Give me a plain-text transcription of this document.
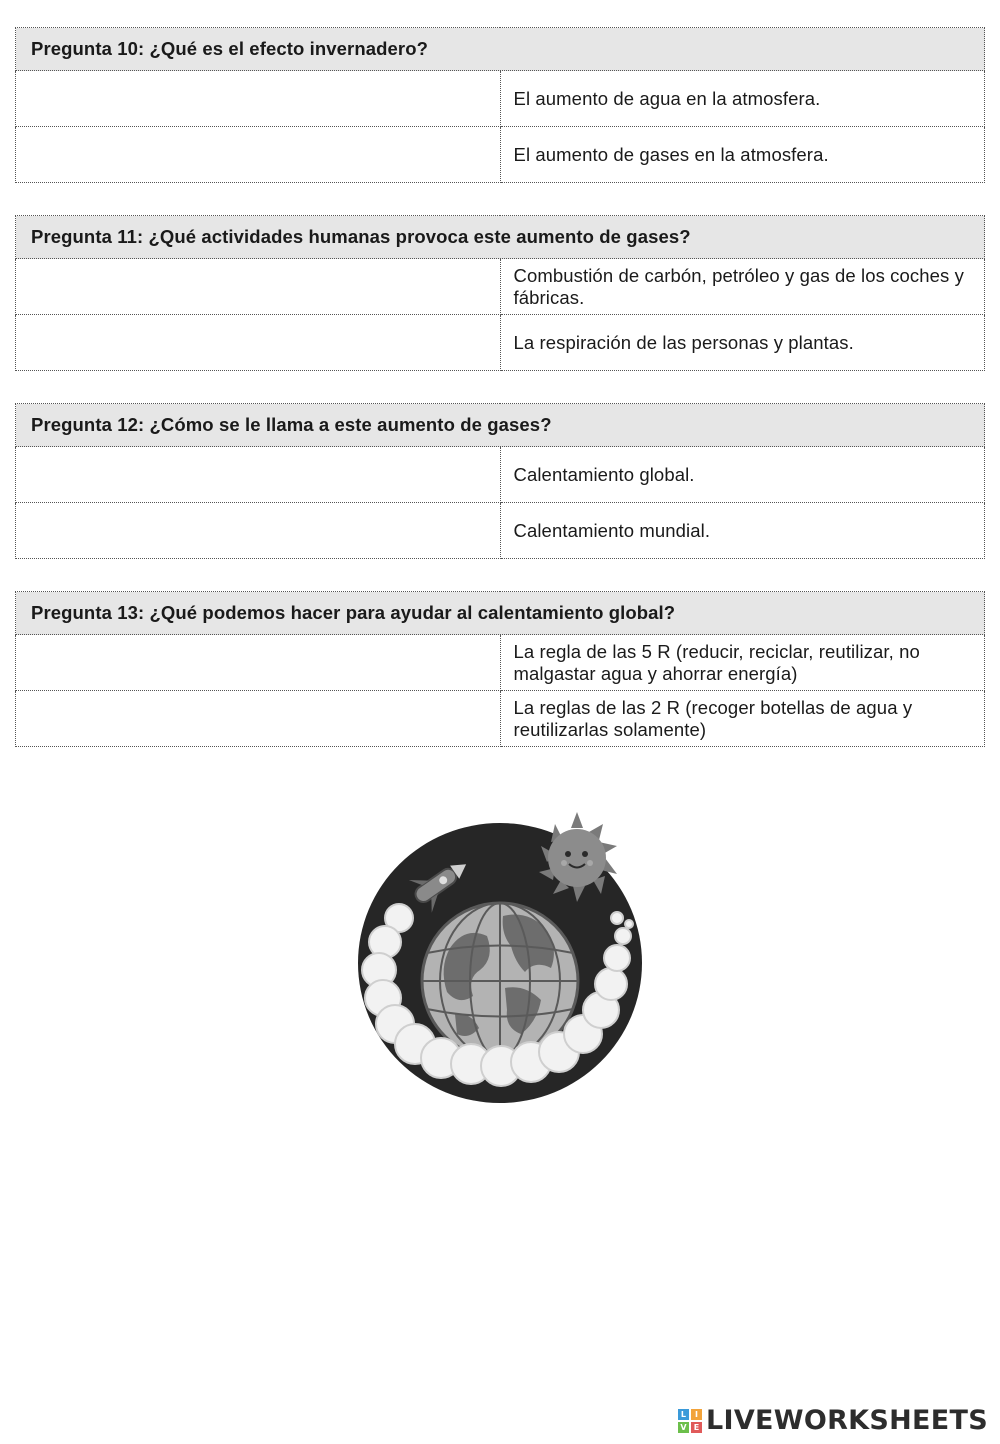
Pregunta 10: ¿Qué es el efecto invernadero?	
	El aumento de agua en la atmosfera.
	El aumento de gases en la atmosfera.
Pregunta 11: ¿Qué actividades humanas provoca este aumento de gases?	
	Combustión de carbón, petróleo y gas de los coches y fábricas.
	La respiración de las personas y plantas.
Pregunta 12: ¿Cómo se le llama a este aumento de gases?	
	Calentamiento global.
	Calentamiento mundial.
Pregunta 13: ¿Qué podemos hacer para ayudar al calentamiento global?	
	La regla de las 5 R (reducir, reciclar, reutilizar, no malgastar agua y ahorrar energía)
	La reglas de las 2 R (recoger botellas de agua y reutilizarlas solamente)
L	I
V E LIVEWORKSHEETS
